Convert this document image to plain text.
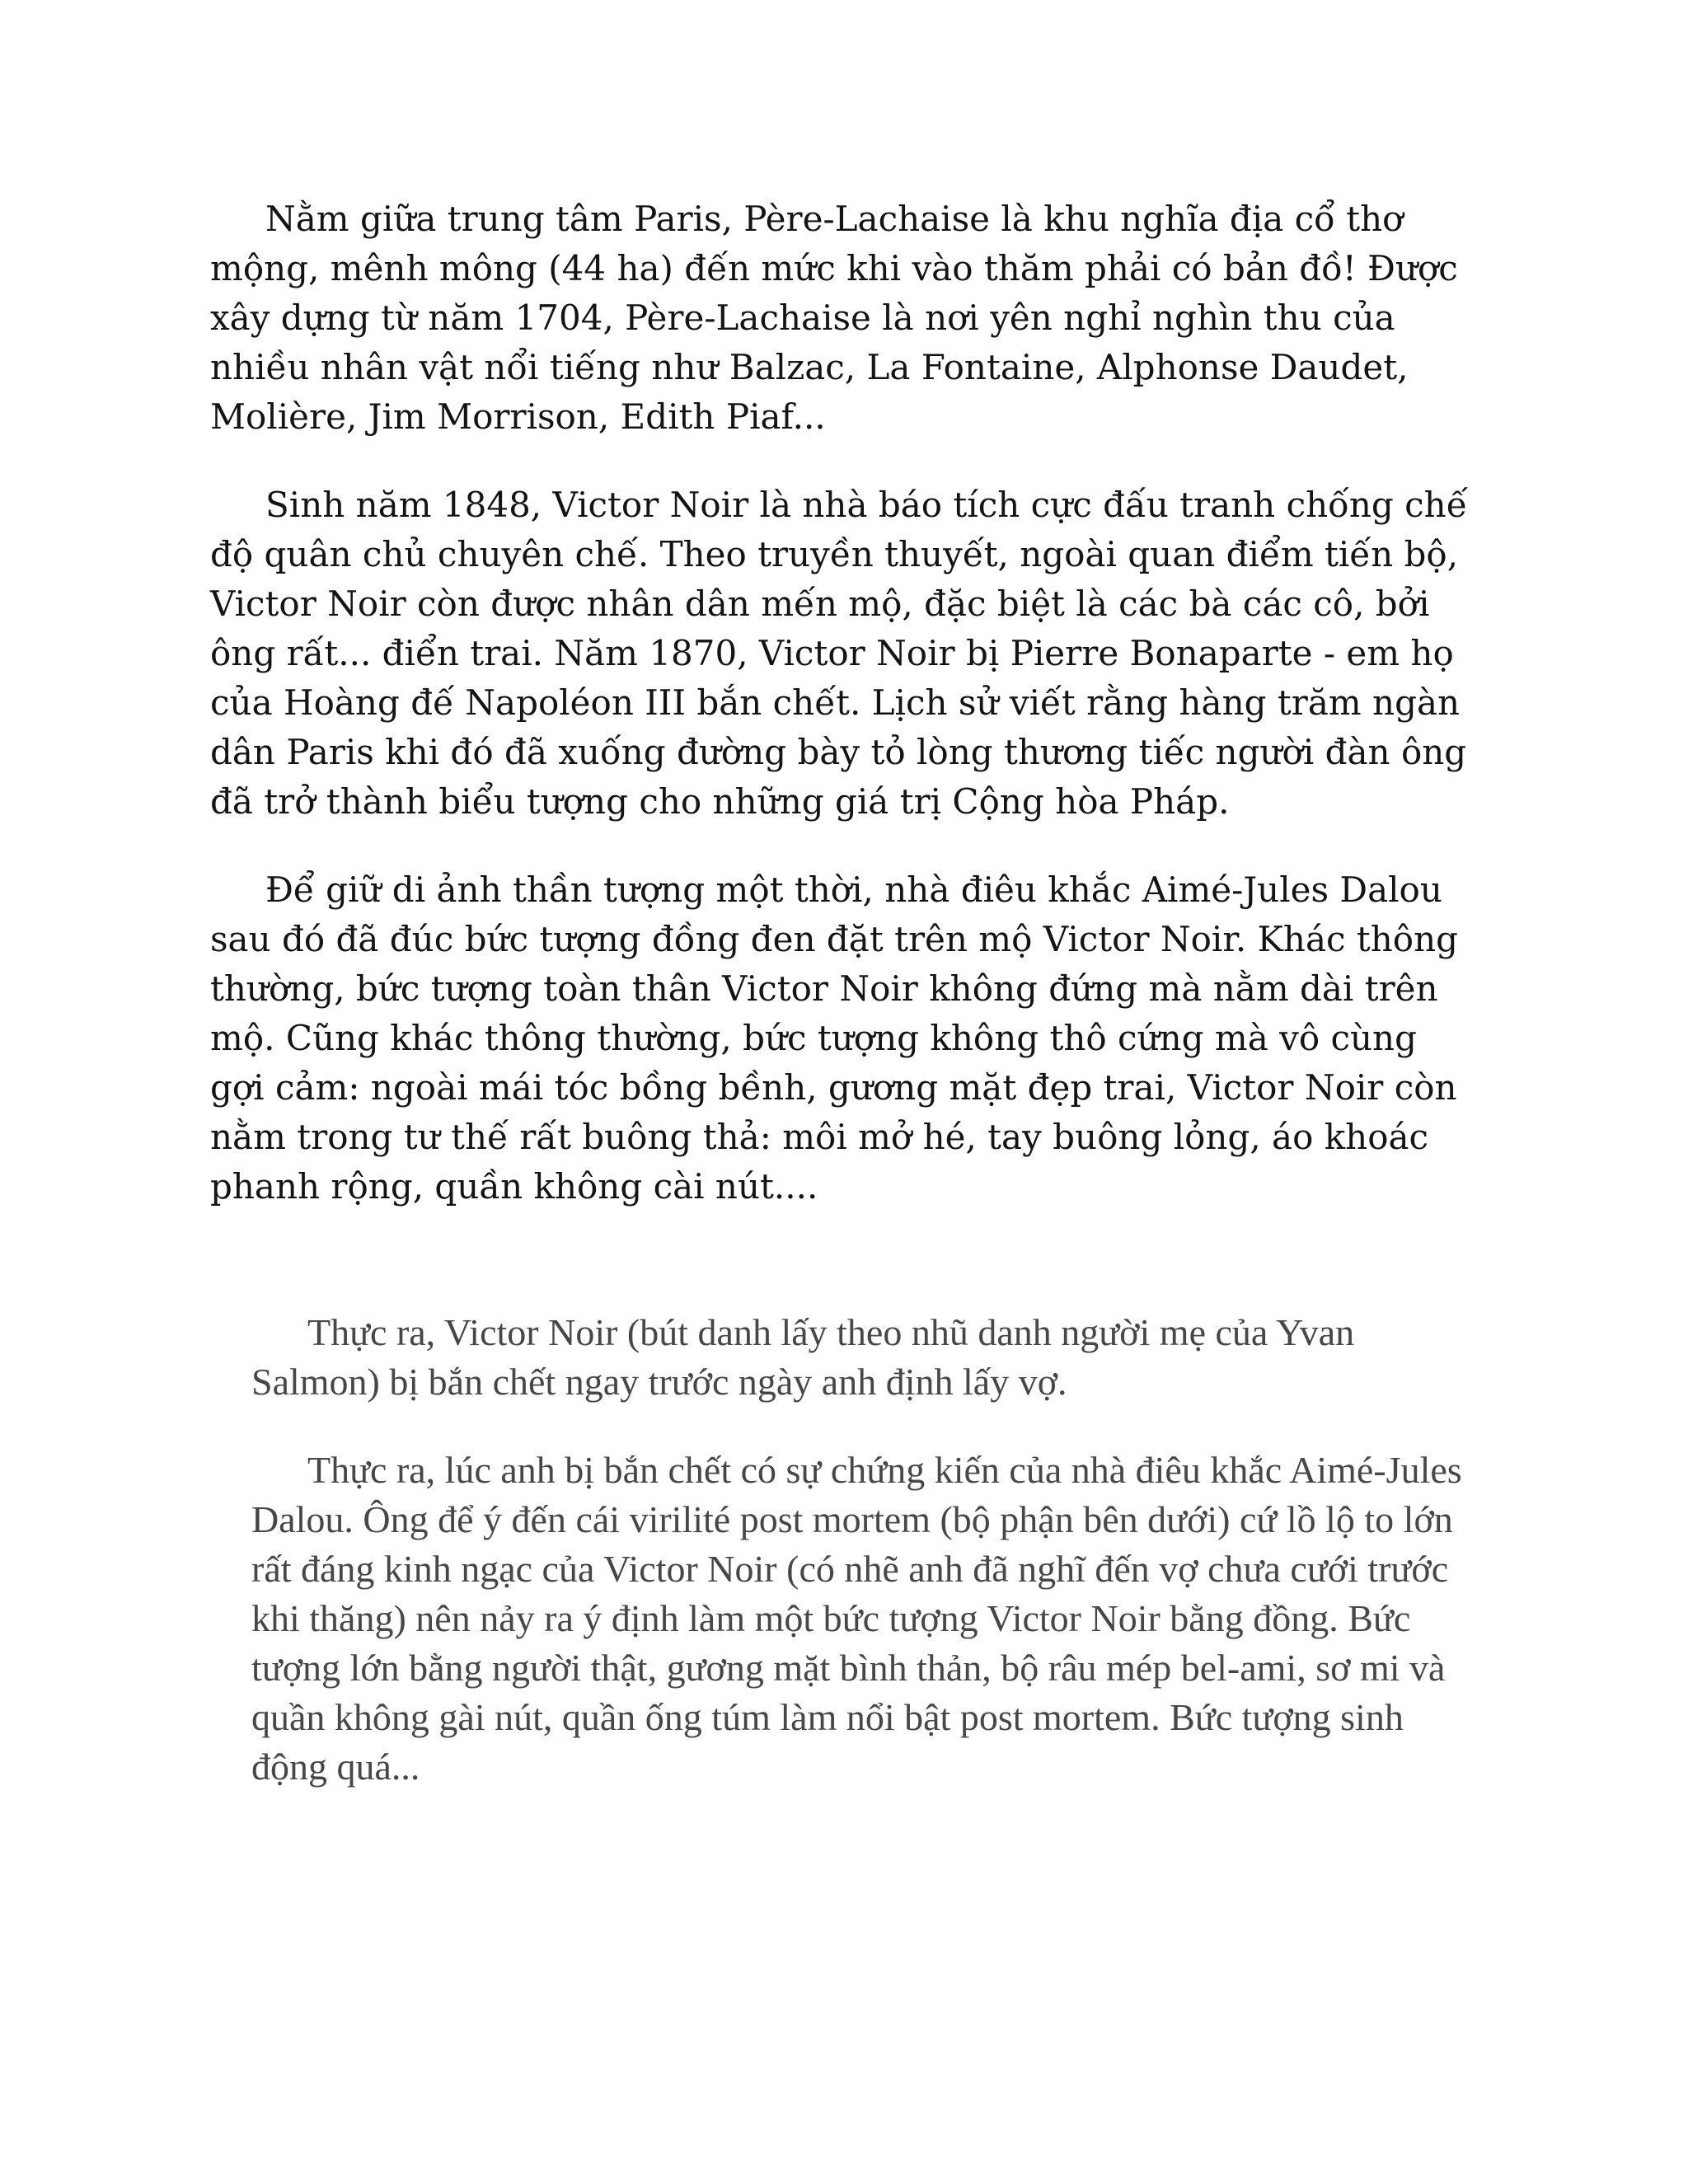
Nằm giữa trung tâm Paris, Père-Lachaise là khu nghĩa địa cổ thơ mộng, mênh mông (44 ha) đến mức khi vào thăm phải có bản đồ! Được xây dựng từ năm 1704, Père-Lachaise là nơi yên nghỉ nghìn thu của nhiều nhân vật nổi tiếng như Balzac, La Fontaine, Alphonse Daudet, Molière, Jim Morrison, Edith Piaf...

Sinh năm 1848, Victor Noir là nhà báo tích cực đấu tranh chống chế độ quân chủ chuyên chế. Theo truyền thuyết, ngoài quan điểm tiến bộ, Victor Noir còn được nhân dân mến mộ, đặc biệt là các bà các cô, bởi ông rất... điển trai. Năm 1870, Victor Noir bị Pierre Bonaparte - em họ của Hoàng đế Napoléon III bắn chết. Lịch sử viết rằng hàng trăm ngàn dân Paris khi đó đã xuống đường bày tỏ lòng thương tiếc người đàn ông đã trở thành biểu tượng cho những giá trị Cộng hòa Pháp.

Để giữ di ảnh thần tượng một thời, nhà điêu khắc Aimé-Jules Dalou sau đó đã đúc bức tượng đồng đen đặt trên mộ Victor Noir. Khác thông thường, bức tượng toàn thân Victor Noir không đứng mà nằm dài trên mộ. Cũng khác thông thường, bức tượng không thô cứng mà vô cùng gợi cảm: ngoài mái tóc bồng bềnh, gương mặt đẹp trai, Victor Noir còn nằm trong tư thế rất buông thả: môi mở hé, tay buông lỏng, áo khoác phanh rộng, quần không cài nút....

Thực ra, Victor Noir (bút danh lấy theo nhũ danh người mẹ của Yvan Salmon) bị bắn chết ngay trước ngày anh định lấy vợ.

Thực ra, lúc anh bị bắn chết có sự chứng kiến của nhà điêu khắc Aimé-Jules Dalou. Ông để ý đến cái virilité post mortem (bộ phận bên dưới) cứ lồ lộ to lớn rất đáng kinh ngạc của Victor Noir (có nhẽ anh đã nghĩ đến vợ chưa cưới trước khi thăng) nên nảy ra ý định làm một bức tượng Victor Noir bằng đồng. Bức tượng lớn bằng người thật, gương mặt bình thản, bộ râu mép bel-ami, sơ mi và quần không gài nút, quần ống túm làm nổi bật post mortem. Bức tượng sinh động quá...
